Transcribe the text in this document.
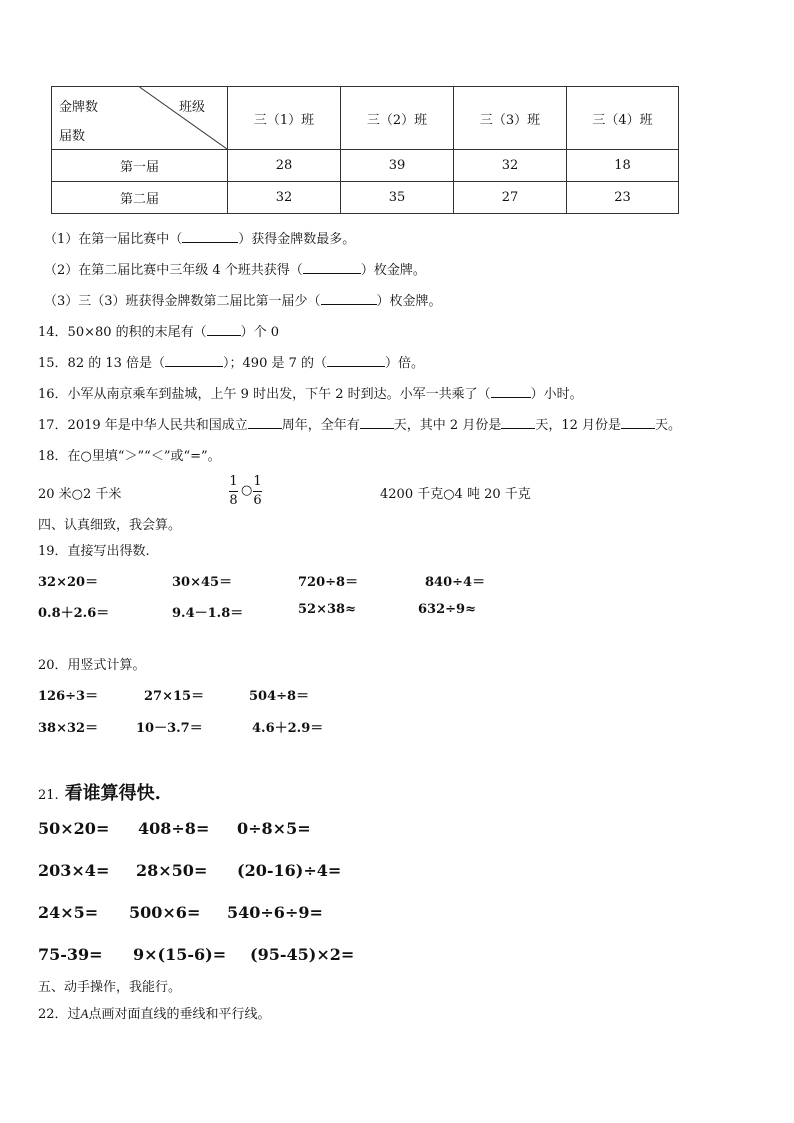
金牌数 班级
届数	三（1）班	三（2）班	三（3）班	三（4）班
第一届	28	39	32	18
第二届	32	35	27	23
（1）在第一届比赛中（	）获得金牌数最多。
（2）在第二届比赛中三年级 4 个班共获得（	）枚金牌。
（3）三（3）班获得金牌数第二届比第一届少（	）枚金牌。
14．50×80 的积的末尾有（	）个 0
15．82 的 13 倍是（	）；490 是 7 的（	）倍。
16．小军从南京乘车到盐城，上午 9 时出发，下午 2 时到达。小军一共乘了（	）小时。
17．2019 年是中华人民共和国成立	周年，全年有	天，其中 2 月份是	天，12 月份是	天。
18．在○里填“＞”“＜”或“=”。
20 米○2 千米
1
8
○
1
6	4200 千克○4 吨 20 千克
四、认真细致，我会算。
19．直接写出得数.
32×20＝	30×45＝	720÷8＝	840÷4＝
0.8＋2.6＝	9.4－1.8＝	52×38≈	632÷9≈
20．用竖式计算。
126÷3＝	27×15＝	504÷8＝
38×32＝	10－3.7＝	4.6＋2.9＝
21. 看谁算得快.
50×20= 408÷8= 0÷8×5=
203×4= 28×50= (20-16)÷4=
24×5= 500×6= 540÷6÷9=
75-39= 9×(15-6)= (95-45)×2=
五、动手操作，我能行。
22．过A点画对面直线的垂线和平行线。
